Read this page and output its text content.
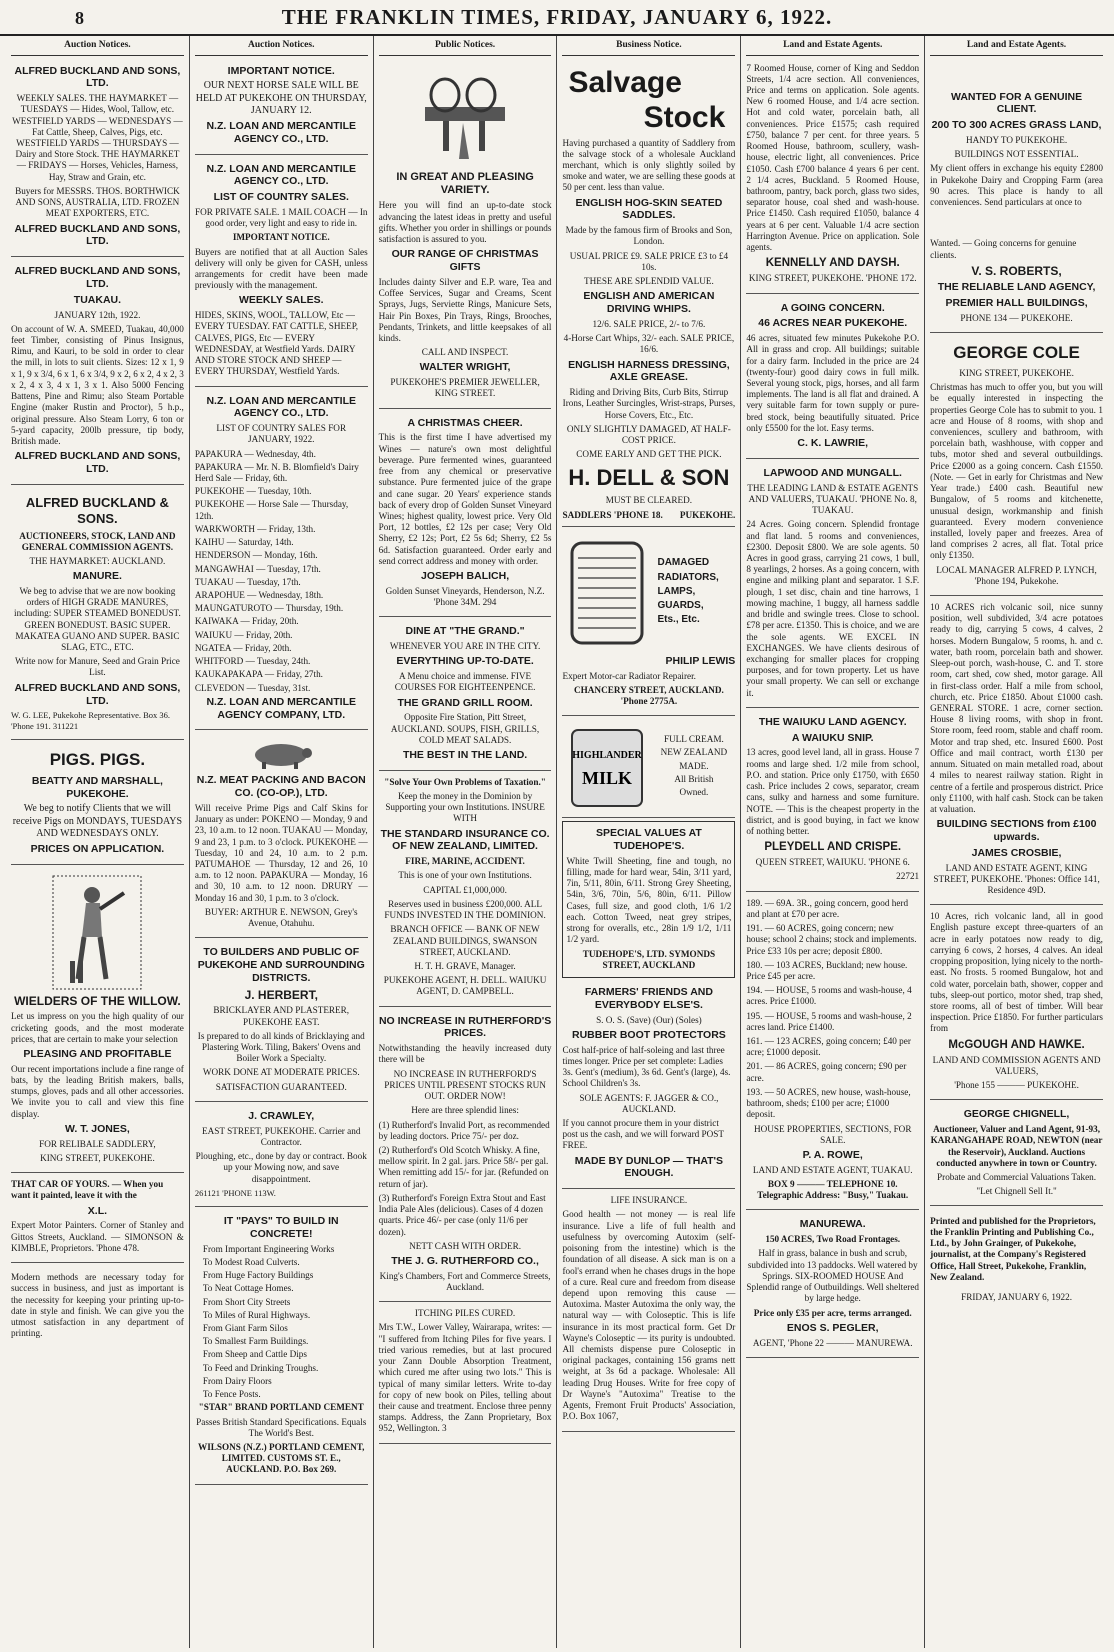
8	THE FRANKLIN TIMES, FRIDAY, JANUARY 6, 1922.
Auction Notices.
ALFRED BUCKLAND AND SONS, LTD.

WEEKLY SALES. THE HAYMARKET — TUESDAYS — Hides, Wool, Tallow, etc. WESTFIELD YARDS — WEDNESDAYS — Fat Cattle, Sheep, Calves, Pigs, etc. WESTFIELD YARDS — THURSDAYS — Dairy and Store Stock. THE HAYMARKET — FRIDAYS — Horses, Vehicles, Harness, Hay, Straw and Grain, etc.

Buyers for MESSRS. THOS. BORTHWICK AND SONS, AUSTRALIA, LTD. FROZEN MEAT EXPORTERS, ETC.

ALFRED BUCKLAND AND SONS, LTD.
ALFRED BUCKLAND AND SONS, LTD.
TUAKAU.

JANUARY 12th, 1922.

On account of W. A. SMEED, Tuakau, 40,000 feet Timber, consisting of Pinus Insignus, Rimu, and Kauri, to be sold in order to clear the mill, in lots to suit clients. Sizes: 12 x 1, 9 x 1, 9 x 3/4, 6 x 1, 6 x 3/4, 9 x 2, 6 x 2, 4 x 2, 3 x 2, 4 x 3, 4 x 1, 3 x 1. Also 5000 Fencing Battens, Pine and Rimu; also Steam Portable Engine (maker Rustin and Proctor), 5 h.p., original pressure. Also Steam Lorry, 6 ton or 5-yard capacity, 200lb pressure, tip body, British made.

ALFRED BUCKLAND AND SONS, LTD.
ALFRED BUCKLAND & SONS.

AUCTIONEERS, STOCK, LAND AND GENERAL COMMISSION AGENTS.

THE HAYMARKET: AUCKLAND.

MANURE.

We beg to advise that we are now booking orders of HIGH GRADE MANURES, including: SUPER STEAMED BONEDUST. GREEN BONEDUST. BASIC SUPER. MAKATEA GUANO AND SUPER. BASIC SLAG, ETC., ETC.

Write now for Manure, Seed and Grain Price List.

ALFRED BUCKLAND AND SONS, LTD.

W. G. LEE, Pukekohe Representative. Box 36. 'Phone 191. 311221

PIGS. PIGS.
BEATTY AND MARSHALL, PUKEKOHE.

We beg to notify Clients that we will receive Pigs on MONDAYS, TUESDAYS AND WEDNESDAYS ONLY.

PRICES ON APPLICATION.
WIELDERS OF THE WILLOW.

Let us impress on you the high quality of our cricketing goods, and the most moderate prices, that are certain to make your selection

PLEASING AND PROFITABLE

Our recent importations include a fine range of bats, by the leading British makers, balls, stumps, gloves, pads and all other accessories. We invite you to call and view this fine display.

W. T. JONES,

FOR RELIBALE SADDLERY,

KING STREET, PUKEKOHE.

THAT CAR OF YOURS. — When you want it painted, leave it with the

X.L.

Expert Motor Painters. Corner of Stanley and Gittos Streets, Auckland. — SIMONSON & KIMBLE, Proprietors. 'Phone 478.

Modern methods are necessary today for success in business, and just as important is the necessity for keeping your printing up-to-date in style and finish. We can give you the utmost satisfaction in any department of printing.

Auction Notices.
IMPORTANT NOTICE.

OUR NEXT HORSE SALE WILL BE HELD AT PUKEKOHE ON THURSDAY, JANUARY 12.

N.Z. LOAN AND MERCANTILE AGENCY CO., LTD.
N.Z. LOAN AND MERCANTILE AGENCY CO., LTD.
LIST OF COUNTRY SALES.

FOR PRIVATE SALE. 1 MAIL COACH — In good order, very light and easy to ride in.

IMPORTANT NOTICE.

Buyers are notified that at all Auction Sales delivery will only be given for CASH, unless arrangements for credit have been made previously with the management.

WEEKLY SALES.

HIDES, SKINS, WOOL, TALLOW, Etc — EVERY TUESDAY. FAT CATTLE, SHEEP, CALVES, PIGS, Etc — EVERY WEDNESDAY, at Westfield Yards. DAIRY AND STORE STOCK AND SHEEP — EVERY THURSDAY, Westfield Yards.

N.Z. LOAN AND MERCANTILE AGENCY CO., LTD.

LIST OF COUNTRY SALES FOR JANUARY, 1922.

PAPAKURA — Wednesday, 4th.
PAPAKURA — Mr. N. B. Blomfield's Dairy Herd Sale — Friday, 6th.
PUKEKOHE — Tuesday, 10th.
PUKEKOHE — Horse Sale — Thursday, 12th.
WARKWORTH — Friday, 13th.
KAIHU — Saturday, 14th.
HENDERSON — Monday, 16th.
MANGAWHAI — Tuesday, 17th.
TUAKAU — Tuesday, 17th.
ARAPOHUE — Wednesday, 18th.
MAUNGATUROTO — Thursday, 19th.
KAIWAKA — Friday, 20th.
WAIUKU — Friday, 20th.
NGATEA — Friday, 20th.
WHITFORD — Tuesday, 24th.
KAUKAPAKAPA — Friday, 27th.
CLEVEDON — Tuesday, 31st.
N.Z. LOAN AND MERCANTILE AGENCY COMPANY, LTD.
N.Z. MEAT PACKING AND BACON CO. (CO-OP.), LTD.

Will receive Prime Pigs and Calf Skins for January as under: POKENO — Monday, 9 and 23, 10 a.m. to 12 noon. TUAKAU — Monday, 9 and 23, 1 p.m. to 3 o'clock. PUKEKOHE — Tuesday, 10 and 24, 10 a.m. to 2 p.m. PATUMAHOE — Thursday, 12 and 26, 10 a.m. to 12 noon. PAPAKURA — Monday, 16 and 30, 10 a.m. to 12 noon. DRURY — Monday 16 and 30, 1 p.m. to 3 o'clock.

BUYER: ARTHUR E. NEWSON, Grey's Avenue, Otahuhu.

TO BUILDERS AND PUBLIC OF PUKEKOHE AND SURROUNDING DISTRICTS.
J. HERBERT,

BRICKLAYER AND PLASTERER, PUKEKOHE EAST.

Is prepared to do all kinds of Bricklaying and Plastering Work. Tiling, Bakers' Ovens and Boiler Work a Specialty.

WORK DONE AT MODERATE PRICES.

SATISFACTION GUARANTEED.

J. CRAWLEY,

EAST STREET, PUKEKOHE. Carrier and Contractor.

Ploughing, etc., done by day or contract. Book up your Mowing now, and save disappointment.

261121 'PHONE 113W.

IT "PAYS" TO BUILD IN CONCRETE!
From Important Engineering Works
To Modest Road Culverts.
From Huge Factory Buildings
To Neat Cottage Homes.
From Short City Streets
To Miles of Rural Highways.
From Giant Farm Silos
To Smallest Farm Buildings.
From Sheep and Cattle Dips
To Feed and Drinking Troughs.
From Dairy Floors
To Fence Posts.

"STAR" BRAND PORTLAND CEMENT

Passes British Standard Specifications. Equals The World's Best.

WILSONS (N.Z.) PORTLAND CEMENT, LIMITED. CUSTOMS ST. E., AUCKLAND. P.O. Box 269.

Public Notices.
IN GREAT AND PLEASING VARIETY.

Here you will find an up-to-date stock advancing the latest ideas in pretty and useful gifts. Whether you order in shillings or pounds satisfaction is assured to you.

OUR RANGE OF CHRISTMAS GIFTS

Includes dainty Silver and E.P. ware, Tea and Coffee Services, Sugar and Creams, Scent Sprays, Jugs, Serviette Rings, Manicure Sets, Hair Pin Boxes, Pin Trays, Rings, Brooches, Pendants, Trinkets, and little keepsakes of all kinds.

CALL AND INSPECT.

WALTER WRIGHT,

PUKEKOHE'S PREMIER JEWELLER, KING STREET.

A CHRISTMAS CHEER.

This is the first time I have advertised my Wines — nature's own most delightful beverage. Pure fermented wines, guaranteed free from any chemical or preservative substance. Pure fermented juice of the grape and cane sugar. 20 Years' experience stands back of every drop of Golden Sunset Vineyard Wines; highest quality, lowest price. Very Old Port, 12 bottles, £2 12s per case; Very Old Sherry, £2 12s; Port, £2 5s 6d; Sherry, £2 5s 6d. Satisfaction guaranteed. Order early and send correct address and money with order.

JOSEPH BALICH,

Golden Sunset Vineyards, Henderson, N.Z. 'Phone 34M. 294

DINE AT "THE GRAND."

WHENEVER YOU ARE IN THE CITY.

EVERYTHING UP-TO-DATE.

A Menu choice and immense. FIVE COURSES FOR EIGHTEENPENCE.

THE GRAND GRILL ROOM.

Opposite Fire Station, Pitt Street, AUCKLAND. SOUPS, FISH, GRILLS, COLD MEAT SALADS.

THE BEST IN THE LAND.

"Solve Your Own Problems of Taxation."

Keep the money in the Dominion by Supporting your own Institutions. INSURE WITH

THE STANDARD INSURANCE CO. OF NEW ZEALAND, LIMITED.

FIRE, MARINE, ACCIDENT.

This is one of your own Institutions.

CAPITAL £1,000,000.

Reserves used in business £200,000. ALL FUNDS INVESTED IN THE DOMINION.

BRANCH OFFICE — BANK OF NEW ZEALAND BUILDINGS, SWANSON STREET, AUCKLAND.

H. T. H. GRAVE, Manager.

PUKEKOHE AGENT, H. DELL. WAIUKU AGENT, D. CAMPBELL.

NO INCREASE IN RUTHERFORD'S PRICES.

Notwithstanding the heavily increased duty there will be

NO INCREASE IN RUTHERFORD'S PRICES UNTIL PRESENT STOCKS RUN OUT. ORDER NOW!

Here are three splendid lines:

(1) Rutherford's Invalid Port, as recommended by leading doctors. Price 75/- per doz.

(2) Rutherford's Old Scotch Whisky. A fine, mellow spirit. In 2 gal. jars. Price 58/- per gal. When remitting add 15/- for jar. (Refunded on return of jar).

(3) Rutherford's Foreign Extra Stout and East India Pale Ales (delicious). Cases of 4 dozen quarts. Price 46/- per case (only 11/6 per dozen).

NETT CASH WITH ORDER.

THE J. G. RUTHERFORD CO.,

King's Chambers, Fort and Commerce Streets, Auckland.

ITCHING PILES CURED.

Mrs T.W., Lower Valley, Wairarapa, writes: — "I suffered from Itching Piles for five years. I tried various remedies, but at last procured your Zann Double Absorption Treatment, which cured me after using two lots." This is typical of many similar letters. Write to-day for copy of new book on Piles, telling about their cause and treatment. Enclose three penny stamps. Address, the Zann Proprietary, Box 952, Wellington. 3

Business Notice.
Salvage
Stock

Having purchased a quantity of Saddlery from the salvage stock of a wholesale Auckland merchant, which is only slightly soiled by smoke and water, we are selling these goods at 50 per cent. less than value.

ENGLISH HOG-SKIN SEATED SADDLES.

Made by the famous firm of Brooks and Son, London.

USUAL PRICE £9. SALE PRICE £3 to £4 10s.

THESE ARE SPLENDID VALUE.

ENGLISH AND AMERICAN DRIVING WHIPS.

12/6. SALE PRICE, 2/- to 7/6.

4-Horse Cart Whips, 32/- each. SALE PRICE, 16/6.

ENGLISH HARNESS DRESSING, AXLE GREASE.

Riding and Driving Bits, Curb Bits, Stirrup Irons, Leather Surcingles, Wrist-straps, Purses, Horse Covers, Etc., Etc.

ONLY SLIGHTLY DAMAGED, AT HALF-COST PRICE.

COME EARLY AND GET THE PICK.

H. DELL & SON

MUST BE CLEARED.

SADDLERS 'PHONE 18. PUKEKOHE.
DAMAGED
RADIATORS,
LAMPS,
GUARDS,
Ets., Etc.
PHILIP LEWIS

Expert Motor-car Radiator Repairer.

CHANCERY STREET, AUCKLAND. 'Phone 2775A.

HIGHLANDER
MILK
FULL CREAM.
NEW ZEALAND
MADE.
All British
Owned.
SPECIAL VALUES AT TUDEHOPE'S.

White Twill Sheeting, fine and tough, no filling, made for hard wear, 54in, 3/11 yard, 7in, 5/11, 80in, 6/11. Strong Grey Sheeting, 54in, 3/6, 70in, 5/6, 80in, 6/11. Pillow Cases, full size, and good cloth, 1/6 1/2 each. Cotton Tweed, neat grey stripes, strong for overalls, etc., 28in 1/9 1/2, 1/11 1/2 yard.

TUDEHOPE'S, LTD. SYMONDS STREET, AUCKLAND

FARMERS' FRIENDS AND EVERYBODY ELSE'S.

S. O. S. (Save) (Our) (Soles)

RUBBER BOOT PROTECTORS

Cost half-price of half-soleing and last three times longer. Price per set complete: Ladies 3s. Gent's (medium), 3s 6d. Gent's (large), 4s. School Children's 3s.

SOLE AGENTS: F. JAGGER & CO., AUCKLAND.

If you cannot procure them in your district post us the cash, and we will forward POST FREE.

MADE BY DUNLOP — THAT'S ENOUGH.

LIFE INSURANCE.

Good health — not money — is real life insurance. Live a life of full health and usefulness by overcoming Autoxim (self-poisoning from the intestine) which is the foundation of all disease. A sick man is on a fool's errand when he chases drugs in the hope of a cure. Real cure and freedom from disease depend upon removing this cause — Autoxima. Master Autoxima the only way, the natural way — with Coloseptic. This is life insurance in its most practical form. Get Dr Wayne's Coloseptic — its purity is undoubted. All chemists dispense pure Coloseptic in original packages, containing 156 grams nett weight, at 3s 6d a package. Wholesale: All leading Drug Houses. Write for free copy of Dr Wayne's "Autoxima" Treatise to the Agents, Fremont Fruit Products' Association, P.O. Box 1067,

Land and Estate Agents.

7 Roomed House, corner of King and Seddon Streets, 1/4 acre section. All conveniences, Price and terms on application. Sole agents. New 6 roomed House, and 1/4 acre section. Hot and cold water, porcelain bath, all conveniences. Price £1575; cash required £750, balance 7 per cent. for three years. 5 Roomed House, bathroom, scullery, wash-house, electric light, all conveniences. Price £1050. Cash £700 balance 4 years 6 per cent. 2 1/4 acres, Buckland. 5 Roomed House, bathroom, pantry, back porch, glass two sides, separator house, coal shed and wash-house. Price £1450. Cash required £1050, balance 4 years at 6 per cent. Valuable 1/4 acre section Harrington Avenue. Price on application. Sole agents.

KENNELLY AND DAYSH.

KING STREET, PUKEKOHE. 'PHONE 172.

A GOING CONCERN.
46 ACRES NEAR PUKEKOHE.

46 acres, situated few minutes Pukekohe P.O. All in grass and crop. All buildings; suitable for a dairy farm. Included in the price are 24 (twenty-four) good dairy cows in full milk. Several young stock, pigs, horses, and all farm implements. The land is all flat and drained. A very suitable farm for town supply or pure-bred stock, being beautifully situated. Price only £5500 for the lot. Easy terms.

C. K. LAWRIE,
LAPWOOD AND MUNGALL.

THE LEADING LAND & ESTATE AGENTS AND VALUERS, TUAKAU. 'PHONE No. 8, TUAKAU.

24 Acres. Going concern. Splendid frontage and flat land. 5 rooms and conveniences, £2300. Deposit £800. We are sole agents. 50 Acres in good grass, carrying 21 cows, 1 bull, 8 yearlings, 2 horses. As a going concern, with engine and milking plant and separator. 1 S.F. plough, 1 set disc, chain and tine harrows, 1 mowing machine, 1 buggy, all harness saddle and bridle and swingle trees. Close to school. £78 per acre. £1350. This is choice, and we are the sole agents. WE EXCEL IN EXCHANGES. We have clients desirous of exchanging for smaller places for cropping purposes, and for town property. Let us have your small property. We can sell or exchange it.

THE WAIUKU LAND AGENCY.
A WAIUKU SNIP.

13 acres, good level land, all in grass. House 7 rooms and large shed. 1/2 mile from school, P.O. and station. Price only £1750, with £650 cash. Price includes 2 cows, separator, cream cans, sulky and harness and some furniture. NOTE. — This is the cheapest property in the district, and is good buying, in fact we know of nothing better.

PLEYDELL AND CRISPE.

QUEEN STREET, WAIUKU. 'PHONE 6.

22721

189. — 69A. 3R., going concern, good herd and plant at £70 per acre.

191. — 60 ACRES, going concern; new house; school 2 chains; stock and implements. Price £33 10s per acre; deposit £800.

180. — 103 ACRES, Buckland; new house. Price £45 per acre.

194. — HOUSE, 5 rooms and wash-house, 4 acres. Price £1000.

195. — HOUSE, 5 rooms and wash-house, 2 acres land. Price £1400.

161. — 123 ACRES, going concern; £40 per acre; £1000 deposit.

201. — 86 ACRES, going concern; £90 per acre.

193. — 50 ACRES, new house, wash-house, bathroom, sheds; £100 per acre; £1000 deposit.

HOUSE PROPERTIES, SECTIONS, FOR SALE.

P. A. ROWE,

LAND AND ESTATE AGENT, TUAKAU.

BOX 9 ——— TELEPHONE 10. Telegraphic Address: "Busy," Tuakau.

MANUREWA.

150 ACRES, Two Road Frontages.

Half in grass, balance in bush and scrub, subdivided into 13 paddocks. Well watered by Springs. SIX-ROOMED HOUSE And Splendid range of Outbuildings. Well sheltered by large hedge.

Price only £35 per acre, terms arranged.

ENOS S. PEGLER,

AGENT, 'Phone 22 ——— MANUREWA.

Land and Estate Agents.
WANTED FOR A GENUINE CLIENT.
200 TO 300 ACRES GRASS LAND,

HANDY TO PUKEKOHE.

BUILDINGS NOT ESSENTIAL.

My client offers in exchange his equity £2800 in Pukekohe Dairy and Cropping Farm (area 90 acres. This place is handy to all conveniences. Send particulars at once to

Wanted. — Going concerns for genuine clients.

V. S. ROBERTS,
THE RELIABLE LAND AGENCY,
PREMIER HALL BUILDINGS,

PHONE 134 — PUKEKOHE.

GEORGE COLE

KING STREET, PUKEKOHE.

Christmas has much to offer you, but you will be equally interested in inspecting the properties George Cole has to submit to you. 1 acre and House of 8 rooms, with shop and conveniences, scullery and bathroom, with porcelain bath, washhouse, with copper and tubs, motor shed and several outbuildings. Price £2000 as a going concern. Cash £1550. (Note. — Get in early for Christmas and New Year trade.) £400 cash. Beautiful new Bungalow, of 5 rooms and kitchenette, unusual design, workmanship and finish guaranteed. Every modern convenience installed, lovely paper and freezes. Area of land comprises 2 acres, all flat. Total price only £1350.

LOCAL MANAGER ALFRED P. LYNCH, 'Phone 194, Pukekohe.

10 ACRES rich volcanic soil, nice sunny position, well subdivided, 3/4 acre potatoes ready to dig, carrying 5 cows, 4 calves, 2 horses. Modern Bungalow, 5 rooms, h. and c. water, bath room, porcelain bath and shower. Sleep-out porch, wash-house, C. and T. store room, cart shed, cow shed, motor garage. All in first-class order. Half a mile from school, church, etc. Price £1850. About £1000 cash. GENERAL STORE. 1 acre, corner section. House 8 living rooms, with shop in front. Store room, feed room, stable and chaff room. Motor and trap shed, etc. Insured £600. Post Office and mail contract, worth £130 per annum. Situated on main metalled road, about 4 miles to nearest railway station. Right in centre of a fertile and prosperous district. Price only £1100, with half cash. Stock can be taken at valuation.

BUILDING SECTIONS from £100 upwards.
JAMES CROSBIE,

LAND AND ESTATE AGENT, KING STREET, PUKEKOHE. 'Phones: Office 141, Residence 49D.

10 Acres, rich volcanic land, all in good English pasture except three-quarters of an acre in early potatoes now ready to dig, carrying 6 cows, 2 horses, 4 calves. An ideal cropping proposition, lying nicely to the north-east. No frosts. 5 roomed Bungalow, hot and cold water, porcelain bath, shower, copper and tubs, sleep-out portico, motor shed, trap shed, store rooms, all of best of timber. Will bear inspection. Price £1850. For further particulars from

McGOUGH AND HAWKE.

LAND AND COMMISSION AGENTS AND VALUERS,

'Phone 155 ——— PUKEKOHE.

GEORGE CHIGNELL,

Auctioneer, Valuer and Land Agent, 91-93, KARANGAHAPE ROAD, NEWTON (near the Reservoir), Auckland. Auctions conducted anywhere in town or Country.

Probate and Commercial Valuations Taken.

"Let Chignell Sell It."

Printed and published for the Proprietors, the Franklin Printing and Publishing Co., Ltd., by John Grainger, of Pukekohe, journalist, at the Company's Registered Office, Hall Street, Pukekohe, Franklin, New Zealand.

FRIDAY, JANUARY 6, 1922.
